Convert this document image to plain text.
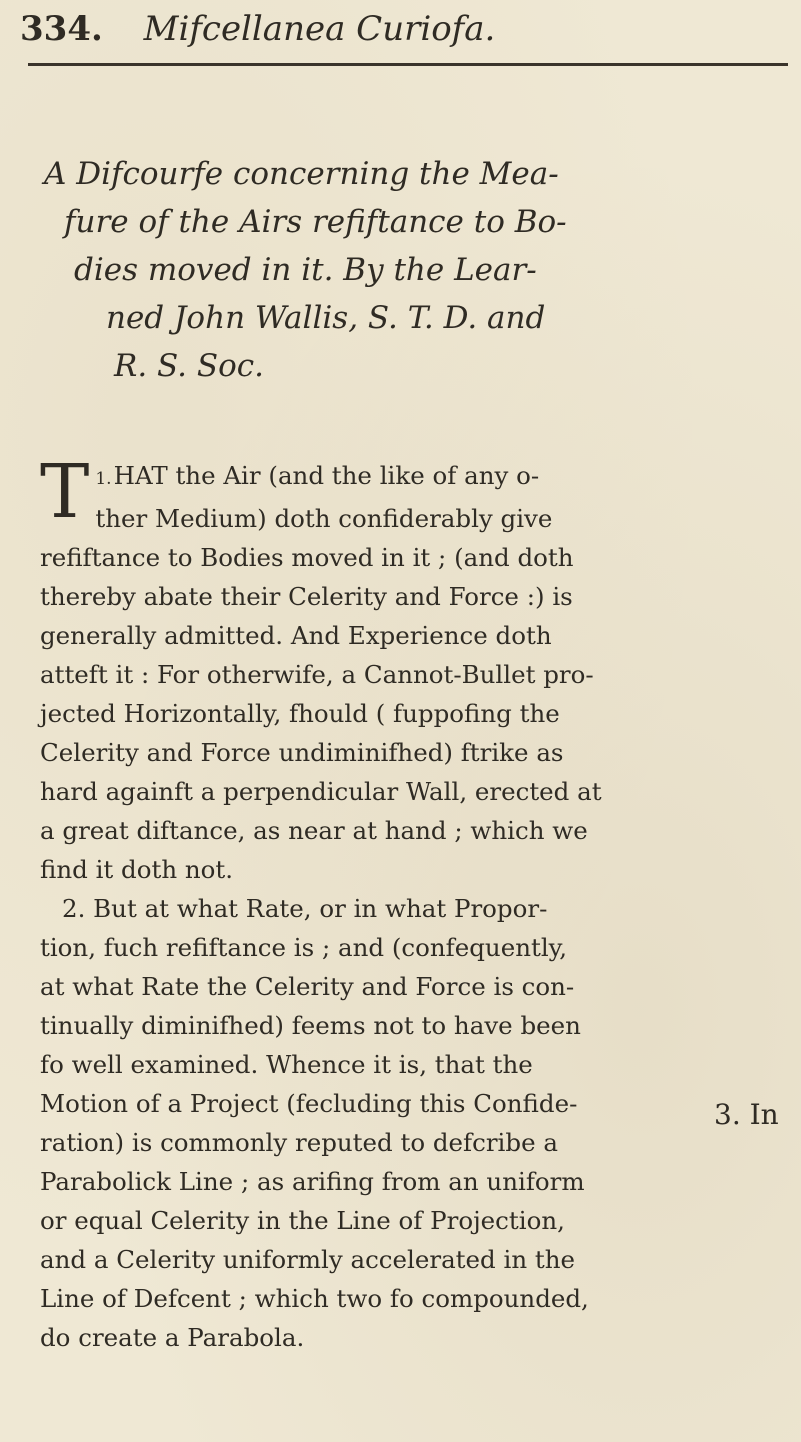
334. Mifcellanea Curiofa.
A Difcourfe concerning the Mea-
fure of the Airs refiftance to Bo-
dies moved in it. By the Lear-
ned John Wallis, S. T. D. and
R. S. Soc.
1.
T HAT the Air (and the like of any o-
ther Medium) doth confiderably give
refiftance to Bodies moved in it ; (and doth
thereby abate their Celerity and Force :) is
generally admitted. And Experience doth
atteft it : For otherwife, a Cannot-Bullet pro-
jected Horizontally, fhould ( fuppofing the
Celerity and Force undiminifhed) ftrike as
hard againft a perpendicular Wall, erected at
a great diftance, as near at hand ; which we
find it doth not.
2. But at what Rate, or in what Propor-
tion, fuch refiftance is ; and (confequently,
at what Rate the Celerity and Force is con-
tinually diminifhed) feems not to have been
fo well examined. Whence it is, that the
Motion of a Project (fecluding this Confide-
ration) is commonly reputed to defcribe a
Parabolick Line ; as arifing from an uniform
or equal Celerity in the Line of Projection,
and a Celerity uniformly accelerated in the
Line of Defcent ; which two fo compounded,
do create a Parabola.
3. In
